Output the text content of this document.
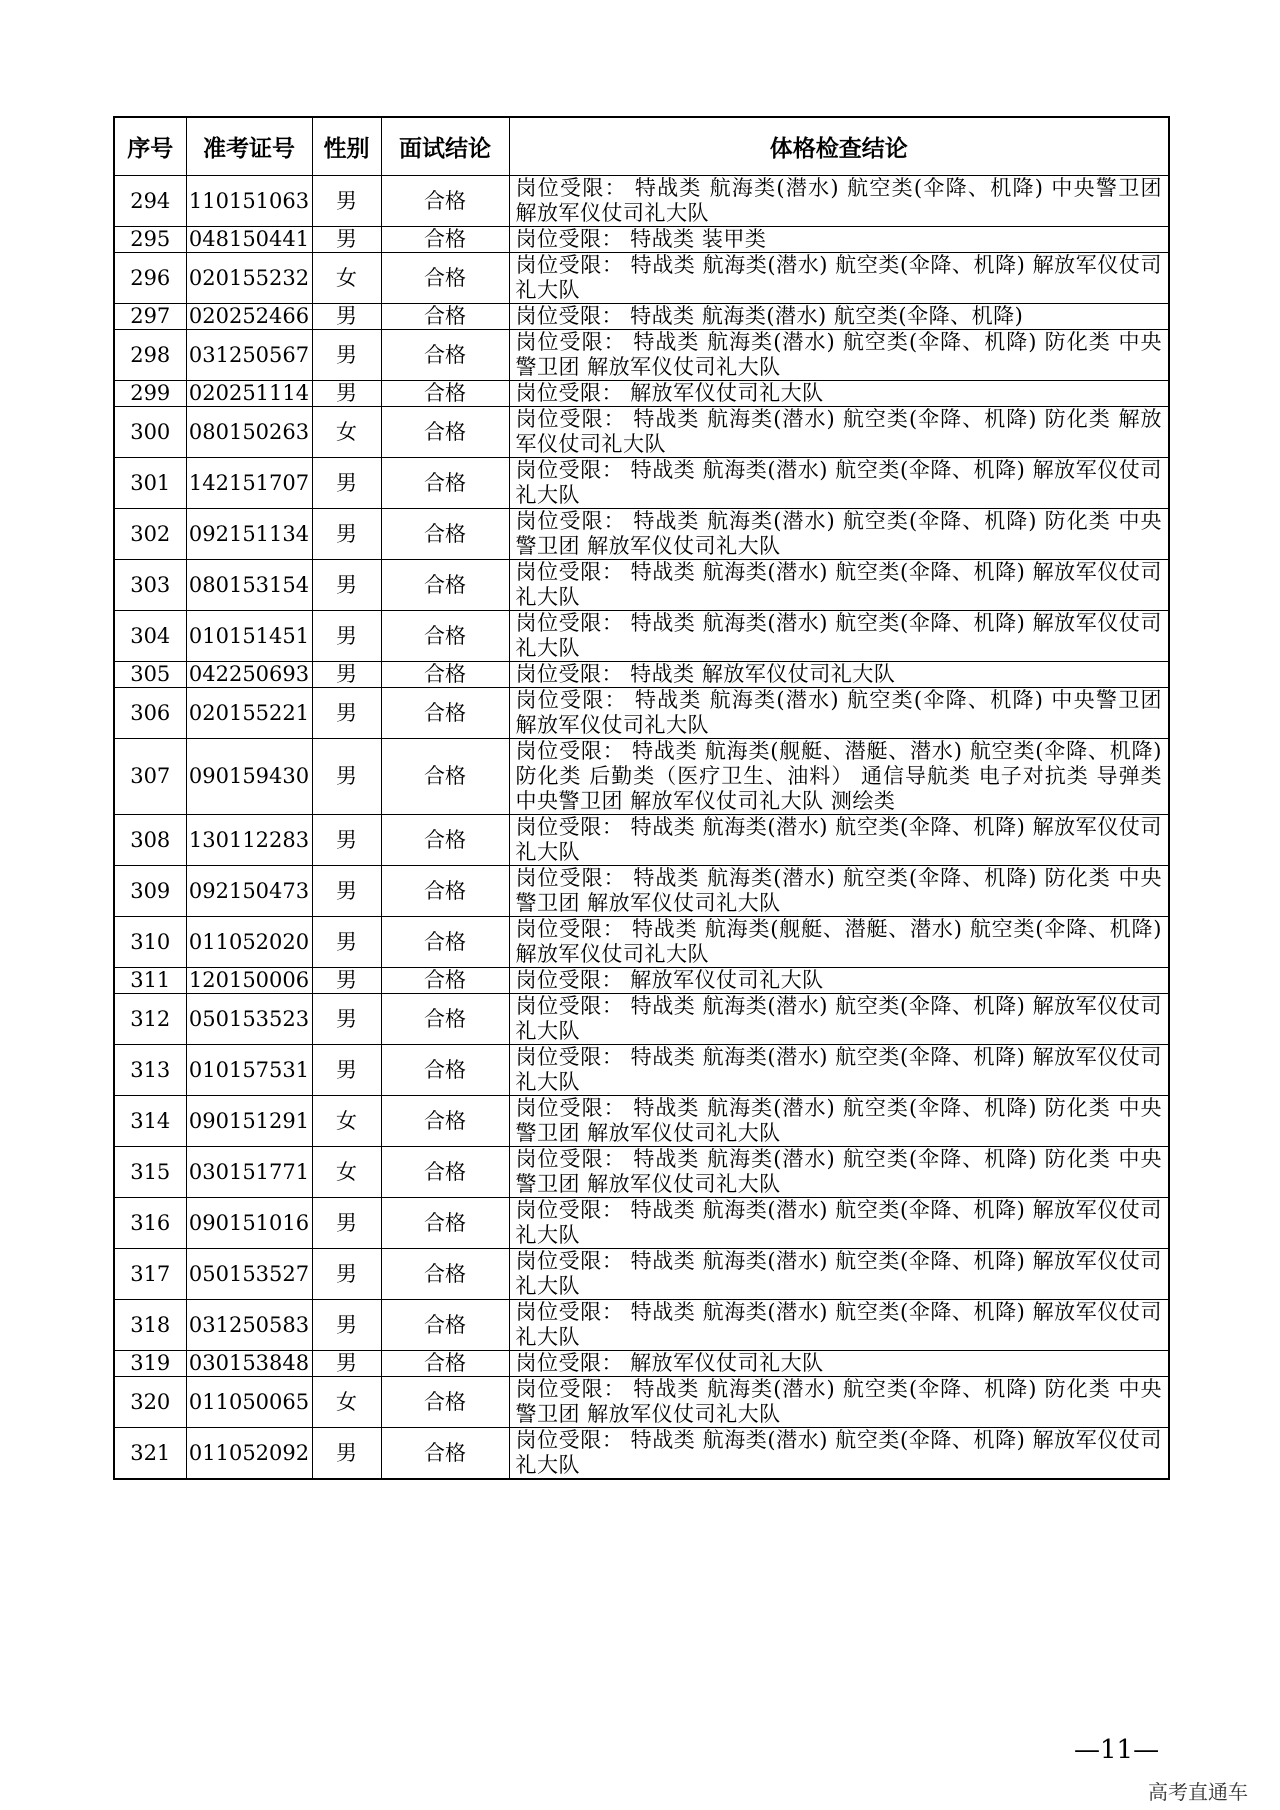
序号	准考证号	性别	面试结论	体格检查结论
294	110151063	男	合格	岗位受限： 特战类 航海类(潜水) 航空类(伞降、机降) 中央警卫团 解放军仪仗司礼大队
295	048150441	男	合格	岗位受限： 特战类 装甲类
296	020155232	女	合格	岗位受限： 特战类 航海类(潜水) 航空类(伞降、机降) 解放军仪仗司礼大队
297	020252466	男	合格	岗位受限： 特战类 航海类(潜水) 航空类(伞降、机降)
298	031250567	男	合格	岗位受限： 特战类 航海类(潜水) 航空类(伞降、机降) 防化类 中央警卫团 解放军仪仗司礼大队
299	020251114	男	合格	岗位受限： 解放军仪仗司礼大队
300	080150263	女	合格	岗位受限： 特战类 航海类(潜水) 航空类(伞降、机降) 防化类 解放军仪仗司礼大队
301	142151707	男	合格	岗位受限： 特战类 航海类(潜水) 航空类(伞降、机降) 解放军仪仗司礼大队
302	092151134	男	合格	岗位受限： 特战类 航海类(潜水) 航空类(伞降、机降) 防化类 中央警卫团 解放军仪仗司礼大队
303	080153154	男	合格	岗位受限： 特战类 航海类(潜水) 航空类(伞降、机降) 解放军仪仗司礼大队
304	010151451	男	合格	岗位受限： 特战类 航海类(潜水) 航空类(伞降、机降) 解放军仪仗司礼大队
305	042250693	男	合格	岗位受限： 特战类 解放军仪仗司礼大队
306	020155221	男	合格	岗位受限： 特战类 航海类(潜水) 航空类(伞降、机降) 中央警卫团 解放军仪仗司礼大队
307	090159430	男	合格	岗位受限： 特战类 航海类(舰艇、潜艇、潜水) 航空类(伞降、机降) 防化类 后勤类（医疗卫生、油料） 通信导航类 电子对抗类 导弹类 中央警卫团 解放军仪仗司礼大队 测绘类
308	130112283	男	合格	岗位受限： 特战类 航海类(潜水) 航空类(伞降、机降) 解放军仪仗司礼大队
309	092150473	男	合格	岗位受限： 特战类 航海类(潜水) 航空类(伞降、机降) 防化类 中央警卫团 解放军仪仗司礼大队
310	011052020	男	合格	岗位受限： 特战类 航海类(舰艇、潜艇、潜水) 航空类(伞降、机降) 解放军仪仗司礼大队
311	120150006	男	合格	岗位受限： 解放军仪仗司礼大队
312	050153523	男	合格	岗位受限： 特战类 航海类(潜水) 航空类(伞降、机降) 解放军仪仗司礼大队
313	010157531	男	合格	岗位受限： 特战类 航海类(潜水) 航空类(伞降、机降) 解放军仪仗司礼大队
314	090151291	女	合格	岗位受限： 特战类 航海类(潜水) 航空类(伞降、机降) 防化类 中央警卫团 解放军仪仗司礼大队
315	030151771	女	合格	岗位受限： 特战类 航海类(潜水) 航空类(伞降、机降) 防化类 中央警卫团 解放军仪仗司礼大队
316	090151016	男	合格	岗位受限： 特战类 航海类(潜水) 航空类(伞降、机降) 解放军仪仗司礼大队
317	050153527	男	合格	岗位受限： 特战类 航海类(潜水) 航空类(伞降、机降) 解放军仪仗司礼大队
318	031250583	男	合格	岗位受限： 特战类 航海类(潜水) 航空类(伞降、机降) 解放军仪仗司礼大队
319	030153848	男	合格	岗位受限： 解放军仪仗司礼大队
320	011050065	女	合格	岗位受限： 特战类 航海类(潜水) 航空类(伞降、机降) 防化类 中央警卫团 解放军仪仗司礼大队
321	011052092	男	合格	岗位受限： 特战类 航海类(潜水) 航空类(伞降、机降) 解放军仪仗司礼大队
—11—
高考直通车
